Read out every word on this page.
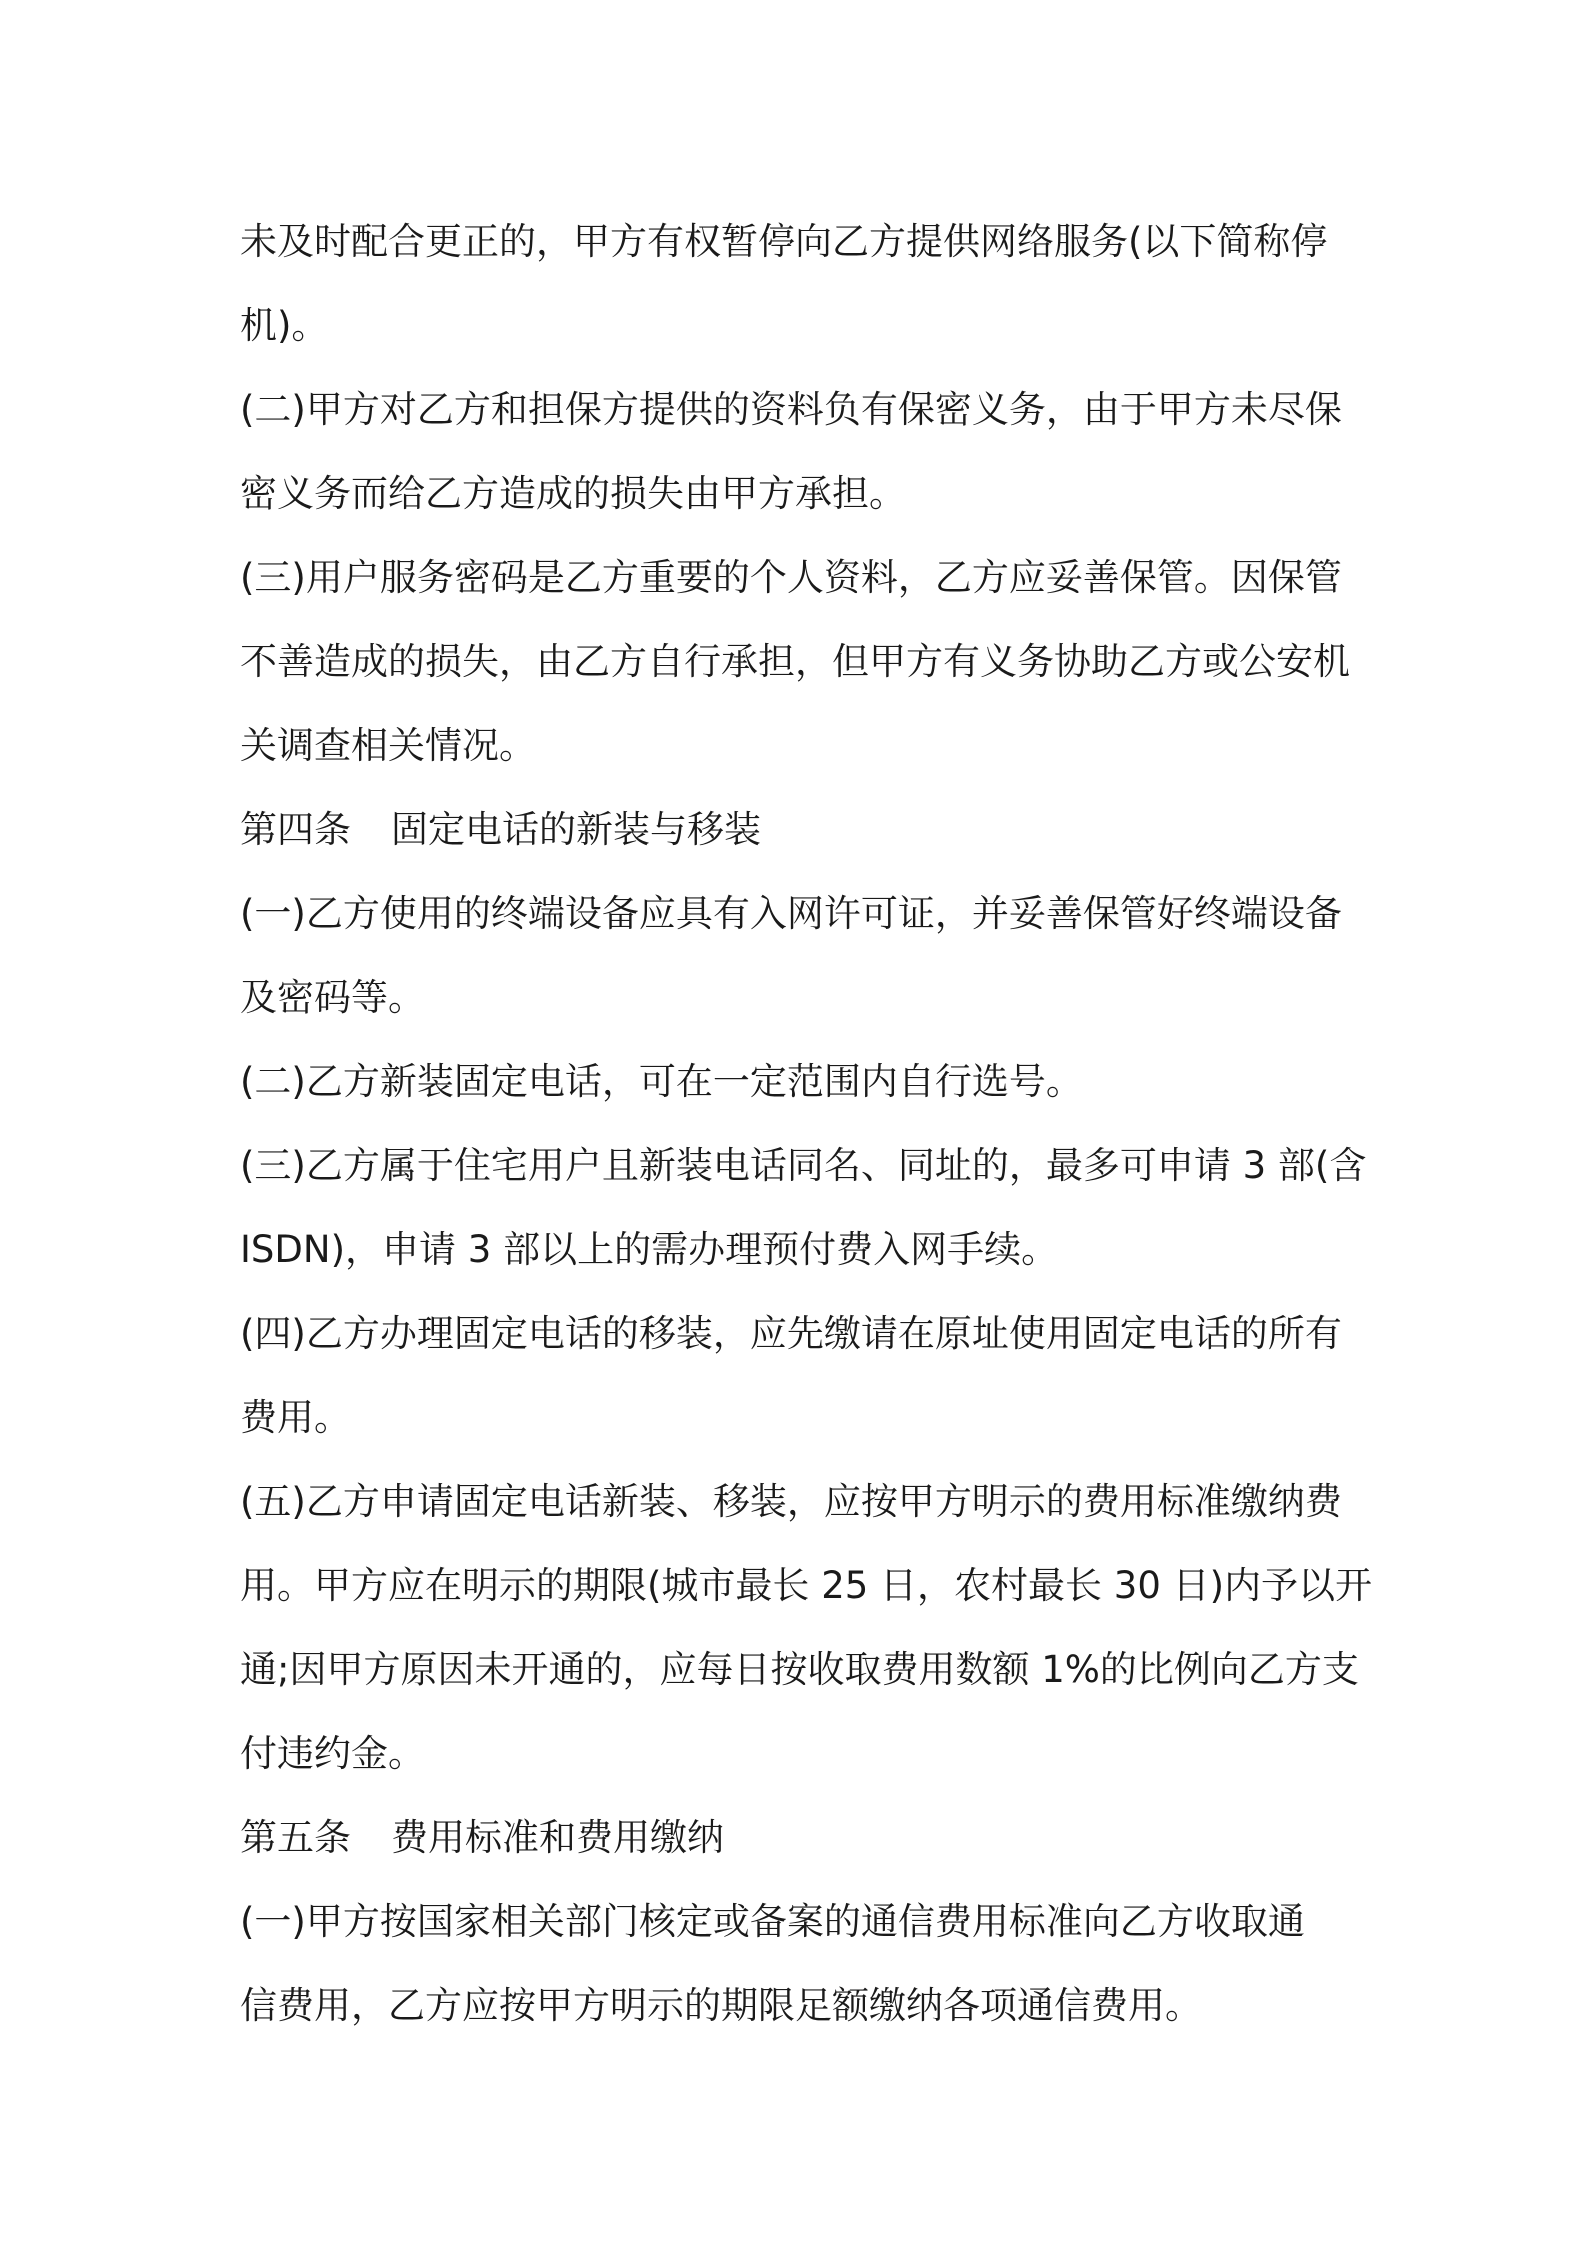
未及时配合更正的，甲方有权暂停向乙方提供网络服务(以下简称停
机)。
(二)甲方对乙方和担保方提供的资料负有保密义务，由于甲方未尽保
密义务而给乙方造成的损失由甲方承担。
(三)用户服务密码是乙方重要的个人资料，乙方应妥善保管。因保管
不善造成的损失，由乙方自行承担，但甲方有义务协助乙方或公安机
关调查相关情况。
第四条 固定电话的新装与移装
(一)乙方使用的终端设备应具有入网许可证，并妥善保管好终端设备
及密码等。
(二)乙方新装固定电话，可在一定范围内自行选号。
(三)乙方属于住宅用户且新装电话同名、同址的，最多可申请 3 部(含
ISDN)，申请 3 部以上的需办理预付费入网手续。
(四)乙方办理固定电话的移装，应先缴请在原址使用固定电话的所有
费用。
(五)乙方申请固定电话新装、移装，应按甲方明示的费用标准缴纳费
用。甲方应在明示的期限(城市最长 25 日，农村最长 30 日)内予以开
通;因甲方原因未开通的，应每日按收取费用数额 1%的比例向乙方支
付违约金。
第五条 费用标准和费用缴纳
(一)甲方按国家相关部门核定或备案的通信费用标准向乙方收取通
信费用，乙方应按甲方明示的期限足额缴纳各项通信费用。
